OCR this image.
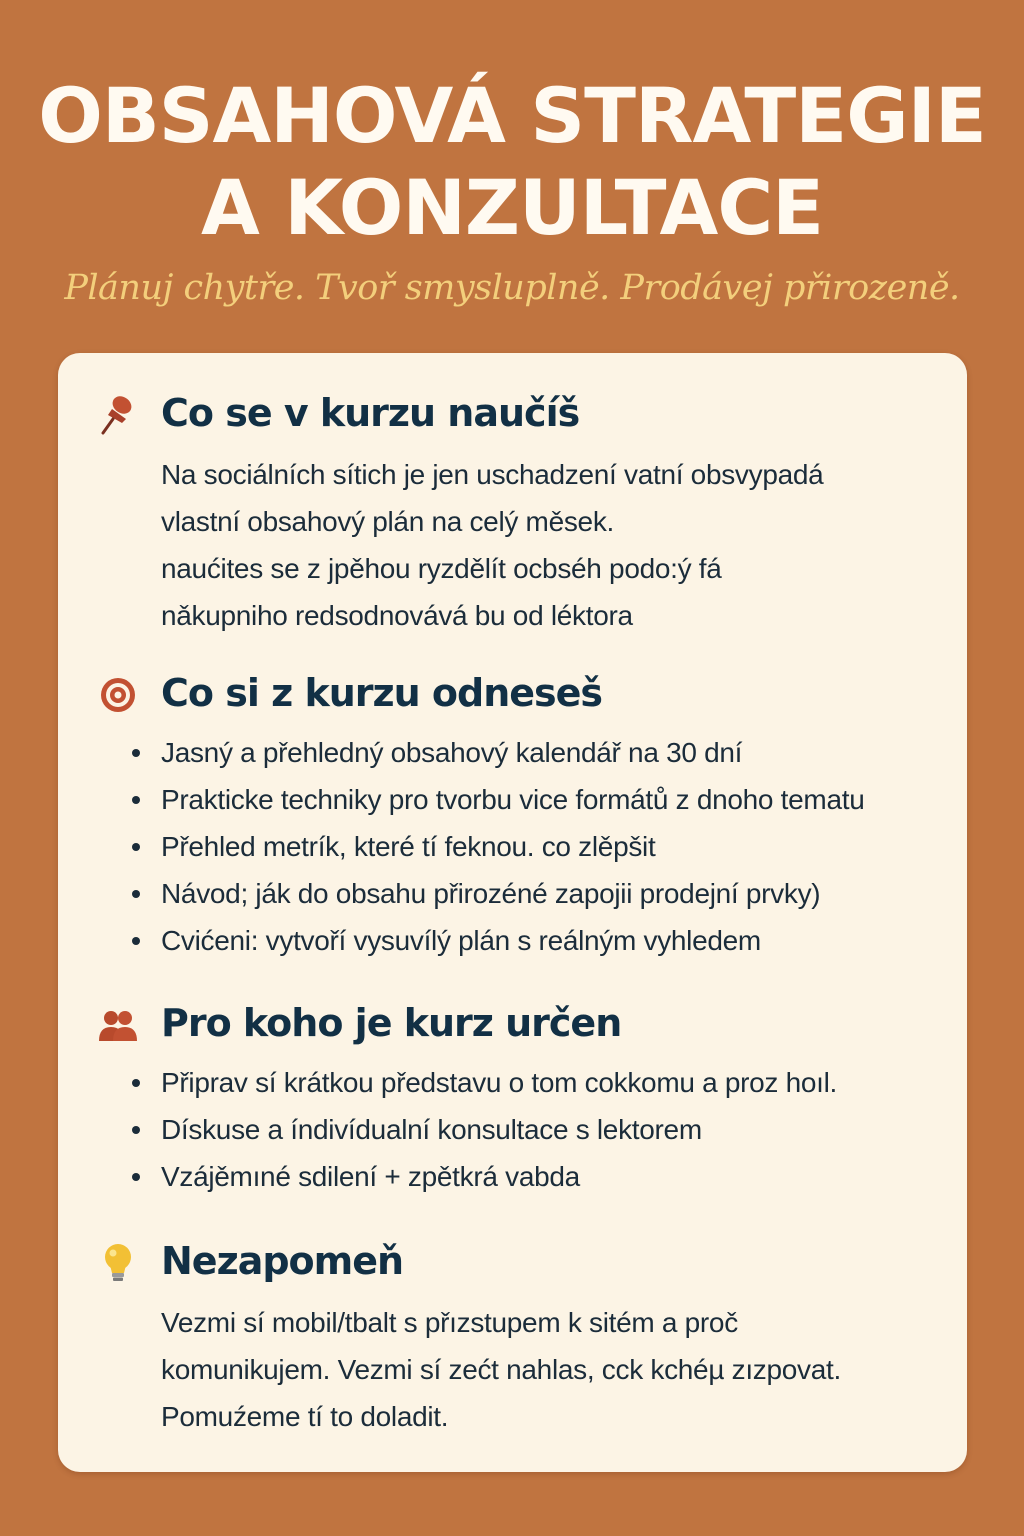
OBSAHOVÁ STRATEGIE
A KONZULTACE
Plánuj chytře. Tvoř smysluplně. Prodávej přirozeně.
Co se v kurzu naučíš
Na sociálních sítich je jen uschadzení vatní obsvypadá
vlastní obsahový plán na celý měsek.
naućites se z jpěhou ryzdělít ocbséh podo:ý fá
nǎkupniho redsodnovává bu od léktora
Co si z kurzu odneseš
Jasný a přehledný obsahový kalendář na 30 dní
Prakticke techniky pro tvorbu vice formátů z dnoho tematu
Přehled metrík, které tí feknou. co zlěpšit
Návod; ják do obsahu přirozéné zapojii prodejní prvky)
Cvićeni: vytvoří vysuvílý plán s reálným vyhledem
Pro koho je kurz určen
Připrav sí krátkou představu o tom cokkomu a proz hoıl.
Dískuse a índivídualní konsultace s lektorem
Vzájěmıné sdilení + zpětkrá vabda
Nezapomeň
Vezmi sí mobil/tbalt s přızstupem k sitém a proč
komunikujem. Vezmi sí zećt nahlas, cck kchéµ zızpovat.
Pomuźeme tí to doladit.
